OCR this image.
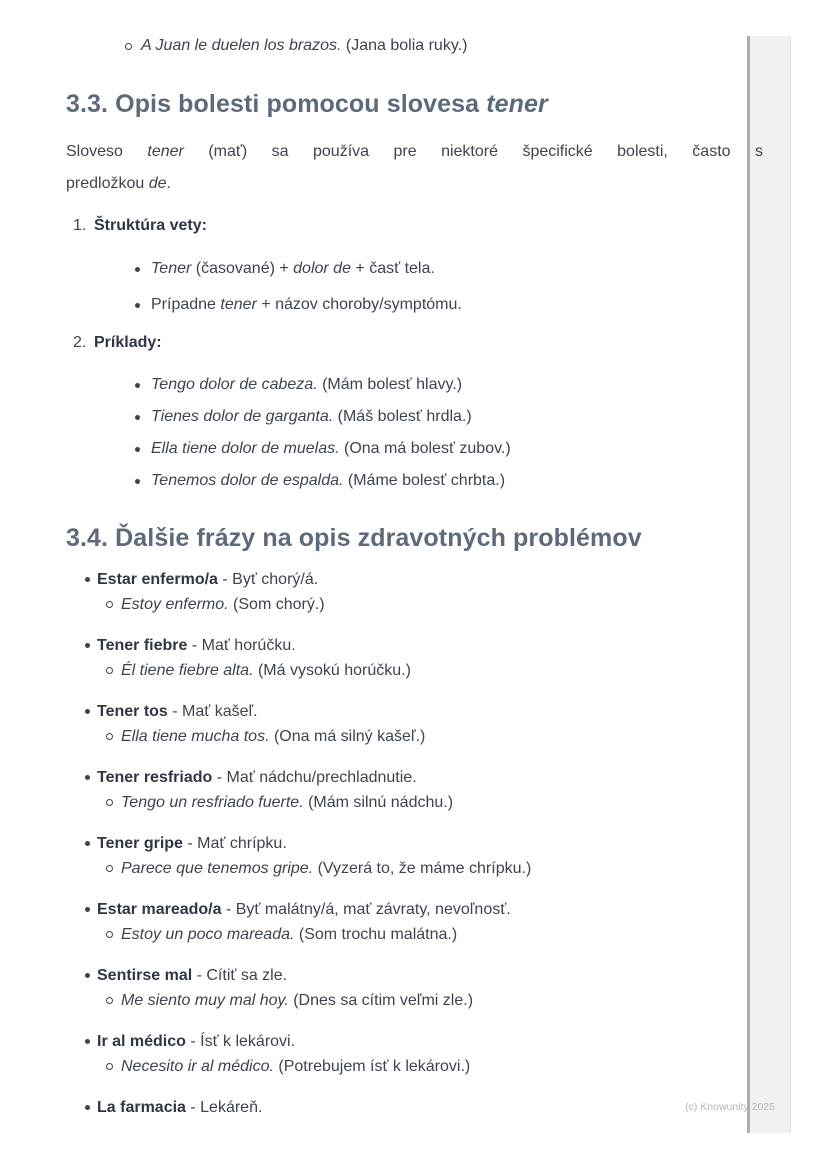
A Juan le duelen los brazos. (Jana bolia ruky.)
3.3. Opis bolesti pomocou slovesa tener
Sloveso tener (mať) sa používa pre niektoré špecifické bolesti, často s
predložkou de.
1. Štruktúra vety:
Tener (časované) + dolor de + časť tela.
Prípadne tener + názov choroby/symptómu.
2. Príklady:
Tengo dolor de cabeza. (Mám bolesť hlavy.)
Tienes dolor de garganta. (Máš bolesť hrdla.)
Ella tiene dolor de muelas. (Ona má bolesť zubov.)
Tenemos dolor de espalda. (Máme bolesť chrbta.)
3.4. Ďalšie frázy na opis zdravotných problémov
Estar enfermo/a - Byť chorý/á.
Estoy enfermo. (Som chorý.)
Tener fiebre - Mať horúčku.
Él tiene fiebre alta. (Má vysokú horúčku.)
Tener tos - Mať kašeľ.
Ella tiene mucha tos. (Ona má silný kašeľ.)
Tener resfriado - Mať nádchu/prechladnutie.
Tengo un resfriado fuerte. (Mám silnú nádchu.)
Tener gripe - Mať chrípku.
Parece que tenemos gripe. (Vyzerá to, že máme chrípku.)
Estar mareado/a - Byť malátny/á, mať závraty, nevoľnosť.
Estoy un poco mareada. (Som trochu malátna.)
Sentirse mal - Cítiť sa zle.
Me siento muy mal hoy. (Dnes sa cítim veľmi zle.)
Ir al médico - Ísť k lekárovi.
Necesito ir al médico. (Potrebujem ísť k lekárovi.)
La farmacia - Lekáreň.	(c) Knowunity 2025
